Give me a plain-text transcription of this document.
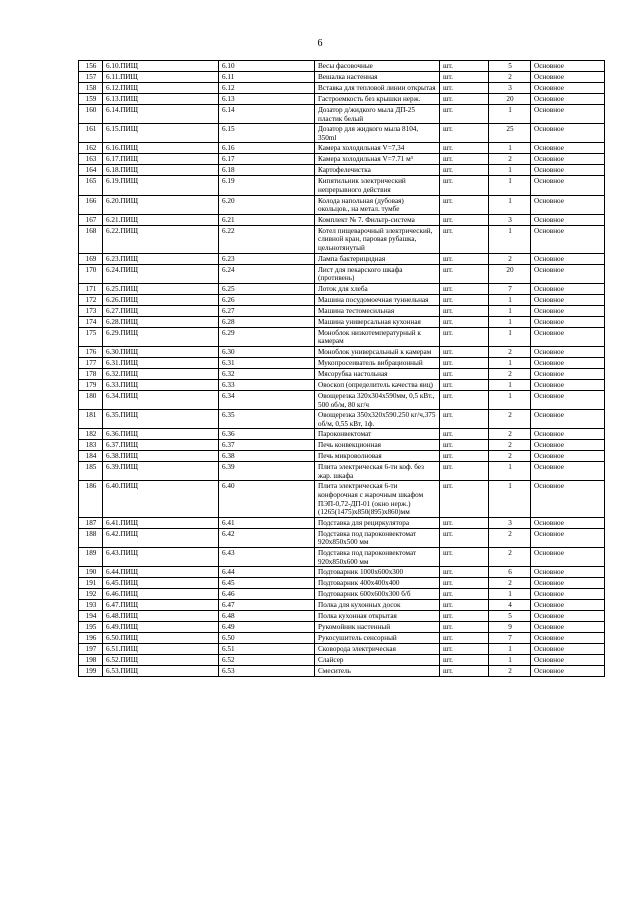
6
156	6.10.ПИЩ	6.10	Весы фасовочные	шт.	5	Основное
157	6.11.ПИЩ	6.11	Вешалка настенная	шт.	2	Основное
158	6.12.ПИЩ	6.12	Вставка для тепловой линии открытая	шт.	3	Основное
159	6.13.ПИЩ	6.13	Гастроемкость без крышки нерж.	шт.	20	Основное
160	6.14.ПИЩ	6.14	Дозатор д/жидкого мыла ДП-25 пластик белый	шт.	1	Основное
161	6.15.ПИЩ	6.15	Дозатор для жидкого мыла 8104, 350ml	шт.	25	Основное
162	6.16.ПИЩ	6.16	Камера холодильная V=7,34	шт.	1	Основное
163	6.17.ПИЩ	6.17	Камера холодильная V=7.71 м³	шт.	2	Основное
164	6.18.ПИЩ	6.18	Картофелечистка	шт.	1	Основное
165	6.19.ПИЩ	6.19	Кипятильник электрический непрерывного действия	шт.	1	Основное
166	6.20.ПИЩ	6.20	Колода напольная (дубовая) окольцов., на метал. тумбе	шт.	1	Основное
167	6.21.ПИЩ	6.21	Комплект № 7. Фильтр-система	шт.	3	Основное
168	6.22.ПИЩ	6.22	Котел пищеварочный электрический, сливной кран, паровая рубашка, цельнотянутый	шт.	1	Основное
169	6.23.ПИЩ	6.23	Лампа бактерицидная	шт.	2	Основное
170	6.24.ПИЩ	6.24	Лист для пекарского шкафа (противень)	шт.	20	Основное
171	6.25.ПИЩ	6.25	Лоток для хлеба	шт.	7	Основное
172	6.26.ПИЩ	6.26	Машина посудомоечная туннельная	шт.	1	Основное
173	6.27.ПИЩ	6.27	Машина тестомесильная	шт.	1	Основное
174	6.28.ПИЩ	6.28	Машина универсальная кухонная	шт.	1	Основное
175	6.29.ПИЩ	6.29	Моноблок низкотемпературный к камерам	шт.	1	Основное
176	6.30.ПИЩ	6.30	Моноблок универсальный к камерам	шт.	2	Основное
177	6.31.ПИЩ	6.31	Мукопросеиватель вибрационный	шт.	1	Основное
178	6.32.ПИЩ	6.32	Мясорубка настольная	шт.	2	Основное
179	6.33.ПИЩ	6.33	Овоскоп (определитель качества яиц)	шт.	1	Основное
180	6.34.ПИЩ	6.34	Овощерезка 320х304х590мм, 0,5 кВт., 500 об/м, 80 кг/ч	шт.	1	Основное
181	6.35.ПИЩ	6.35	Овощерезка 350х320х590.250 кг/ч,375 об/м, 0,55 кВт, 1ф.	шт.	2	Основное
182	6.36.ПИЩ	6.36	Пароконвектомат	шт.	2	Основное
183	6.37.ПИЩ	6.37	Печь конвекционная	шт.	2	Основное
184	6.38.ПИЩ	6.38	Печь микроволновая	шт.	2	Основное
185	6.39.ПИЩ	6.39	Плита электрическая 6-ти коф. без жар. шкафа	шт.	1	Основное
186	6.40.ПИЩ	6.40	Плита электрическая 6-ти конфорочная с жарочным шкафом ПЭП-0,72-ДП-01 (окно нерж.) (1265(1475)х850(895)х860)мм	шт.	1	Основное
187	6.41.ПИЩ	6.41	Подставка для рециркулятора	шт.	3	Основное
188	6.42.ПИЩ	6.42	Подставка под пароконвектомат 920х850х500 мм	шт.	2	Основное
189	6.43.ПИЩ	6.43	Подставка под пароконвектомат 920х850х600 мм	шт.	2	Основное
190	6.44.ПИЩ	6.44	Подтоварник 1000х600х300	шт.	6	Основное
191	6.45.ПИЩ	6.45	Подтоварник 400х400х400	шт.	2	Основное
192	6.46.ПИЩ	6.46	Подтоварник 600х600х300 б/б	шт.	1	Основное
193	6.47.ПИЩ	6.47	Полка для кухонных досок	шт.	4	Основное
194	6.48.ПИЩ	6.48	Полка кухонная открытая	шт.	5	Основное
195	6.49.ПИЩ	6.49	Рукомойник настенный	шт.	9	Основное
196	6.50.ПИЩ	6.50	Рукосушитель сенсорный	шт.	7	Основное
197	6.51.ПИЩ	6.51	Сковорода электрическая	шт.	1	Основное
198	6.52.ПИЩ	6.52	Слайсер	шт.	1	Основное
199	6.53.ПИЩ	6.53	Смеситель	шт.	2	Основное
